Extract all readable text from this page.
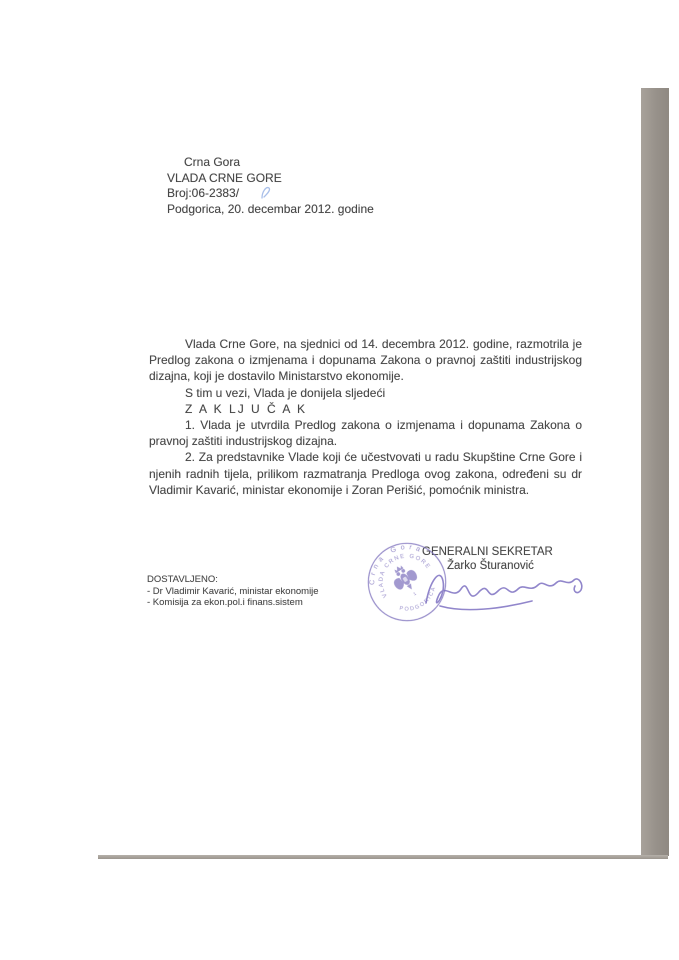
Crna Gora
VLADA CRNE GORE
Broj:06-2383/
Podgorica, 20. decembar 2012. godine

Vlada Crne Gore, na sjednici od 14. decembra 2012. godine, razmotrila je Predlog zakona o izmjenama i dopunama Zakona o pravnoj zaštiti industrijskog dizajna, koji je dostavilo Ministarstvo ekonomije.

S tim u vezi, Vlada je donijela sljedeći

Z A K LJ U Č A K

1. Vlada je utvrdila Predlog zakona o izmjenama i dopunama Zakona o pravnoj zaštiti industrijskog dizajna.

2. Za predstavnike Vlade koji će učestvovati u radu Skupštine Crne Gore i njenih radnih tijela, prilikom razmatranja Predloga ovog zakona, određeni su dr Vladimir Kavarić, ministar ekonomije i Zoran Perišić, pomoćnik ministra.

GENERALNI SEKRETAR
Žarko Šturanović
Crna Gora
VLADA CRNE GORE
PODGORICA
1
DOSTAVLJENO:
- Dr Vladimir Kavarić, ministar ekonomije
- Komisija za ekon.pol.i finans.sistem
